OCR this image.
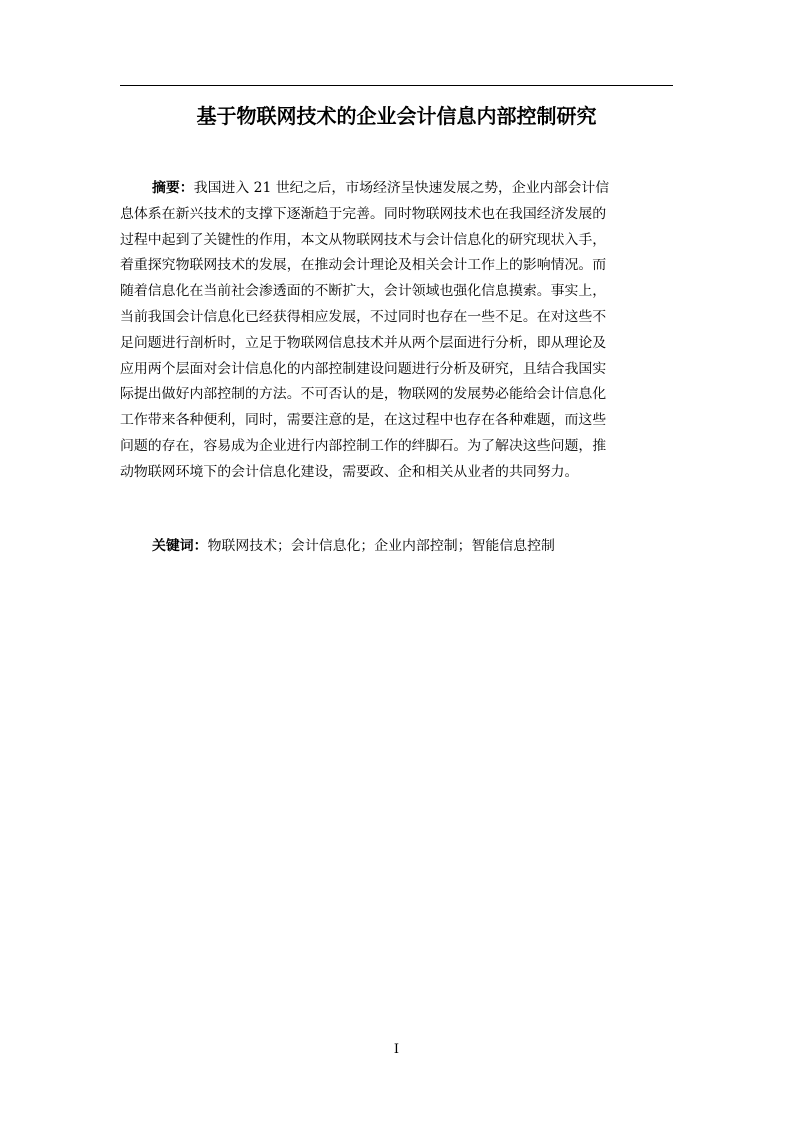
基于物联网技术的企业会计信息内部控制研究

摘要：我国进入 21 世纪之后，市场经济呈快速发展之势，企业内部会计信
息体系在新兴技术的支撑下逐渐趋于完善。同时物联网技术也在我国经济发展的
过程中起到了关键性的作用，本文从物联网技术与会计信息化的研究现状入手，
着重探究物联网技术的发展，在推动会计理论及相关会计工作上的影响情况。而
随着信息化在当前社会渗透面的不断扩大，会计领域也强化信息摸索。事实上，
当前我国会计信息化已经获得相应发展，不过同时也存在一些不足。在对这些不
足问题进行剖析时，立足于物联网信息技术并从两个层面进行分析，即从理论及
应用两个层面对会计信息化的内部控制建设问题进行分析及研究，且结合我国实
际提出做好内部控制的方法。不可否认的是，物联网的发展势必能给会计信息化
工作带来各种便利，同时，需要注意的是，在这过程中也存在各种难题，而这些
问题的存在，容易成为企业进行内部控制工作的绊脚石。为了解决这些问题，推
动物联网环境下的会计信息化建设，需要政、企和相关从业者的共同努力。

关键词：物联网技术；会计信息化；企业内部控制；智能信息控制
I
